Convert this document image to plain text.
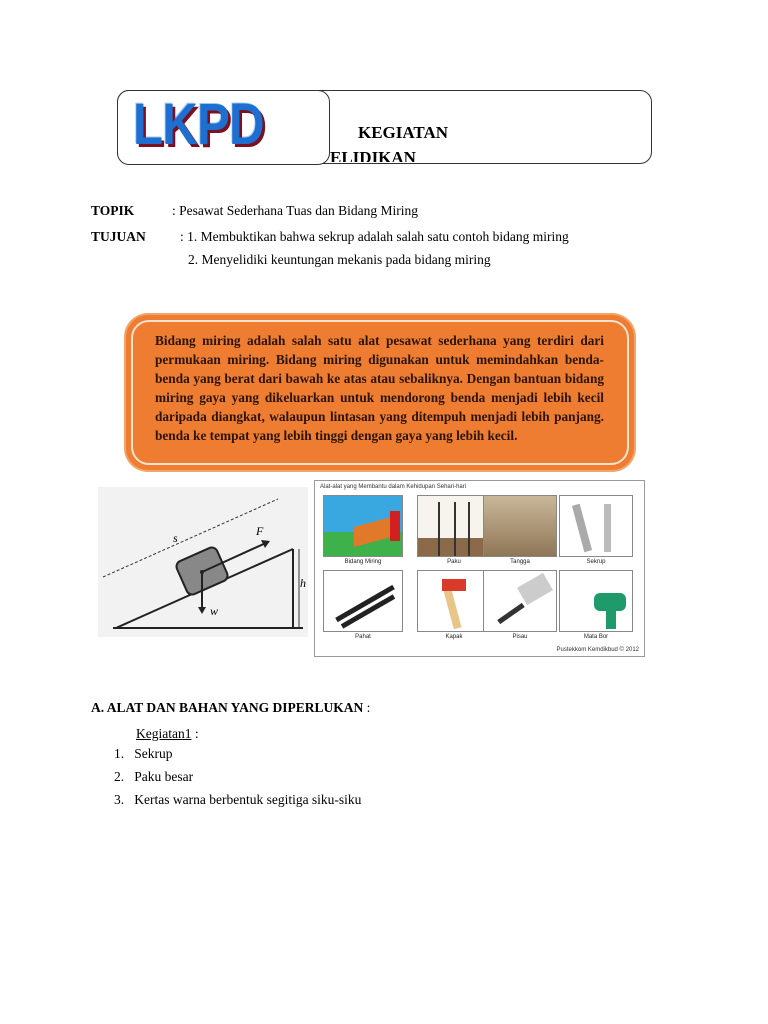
LKPD	KEGIATAN
ELIDIKAN
TOPIK	: Pesawat Sederhana Tuas dan Bidang Miring
TUJUAN	: 1. Membuktikan bahwa sekrup adalah salah satu contoh bidang miring
2. Menyelidiki keuntungan mekanis pada bidang miring
Bidang miring adalah salah satu alat pesawat sederhana yang terdiri dari permukaan miring. Bidang miring digunakan untuk memindahkan benda-benda yang berat dari bawah ke atas atau sebaliknya. Dengan bantuan bidang miring gaya yang dikeluarkan untuk mendorong benda menjadi lebih kecil daripada diangkat, walaupun lintasan yang ditempuh menjadi lebih panjang. benda ke tempat yang lebih tinggi dengan gaya yang lebih kecil.
s	F
h
w
Alat-alat yang Membantu dalam Kehidupan Sehari-hari
Bidang Miring	Paku	Tangga	Sekrup
Pahat	Kapak	Pisau	Mata Bor
Pustekkom Kemdikbud © 2012
A. ALAT DAN BAHAN YANG DIPERLUKAN :
Kegiatan1 :
1.   Sekrup
2.   Paku besar
3.   Kertas warna berbentuk segitiga siku-siku
